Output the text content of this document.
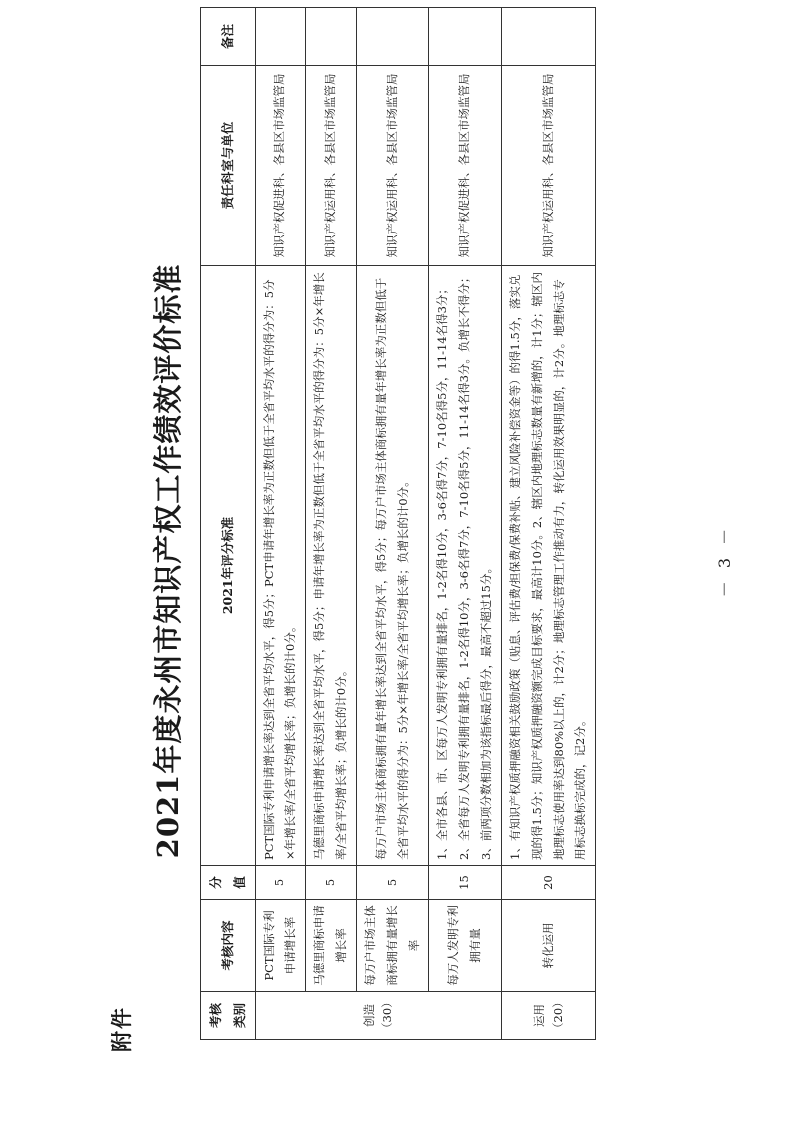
附件
2021年度永州市知识产权工作绩效评价标准
考核类别	考核内容	分值	2021年评分标准	责任科室与单位	备注

创造（30）	PCT国际专利申请增长率	5	PCT国际专利申请增长率达到全省平均水平，得5分；PCT申请年增长率为正数但低于全省平均水平的得分为：5分×年增长率/全省平均增长率；负增长的计0分。	知识产权促进科、各县区市场监管局	
	马德里商标申请增长率	5	马德里商标申请增长率达到全省平均水平，得5分；申请年增长率为正数但低于全省平均水平的得分为：5分×年增长率/全省平均增长率；负增长的计0分。	知识产权运用科、各县区市场监管局	
	每万户市场主体商标拥有量增长率	5	每万户市场主体商标拥有量年增长率达到全省平均水平，得5分；每万户市场主体商标拥有量年增长率为正数但低于全省平均水平的得分为：5分×年增长率/全省平均增长率；负增长的计0分。	知识产权运用科、各县区市场监管局	
	每万人发明专利拥有量	15	1、全市各县、市、区每万人发明专利拥有量排名，1-2名得10分，3-6名得7分，7-10名得5分，11-14名得3分；2、全省每万人发明专利拥有量排名，1-2名得10分，3-6名得7分，7-10名得5分，11-14名得3分。负增长不得分；3、前两项分数相加为该指标最后得分，最高不超过15分。	知识产权促进科、各县区市场监管局	

运用（20）	转化运用	20	1、有知识产权质押融资相关鼓励政策（贴息、评估费/担保费/保费补贴、建立风险补偿资金等）的得1.5分，落实兑现的得1.5分；知识产权质押融资额完成目标要求，最高计10分。2、辖区内地理标志数量有新增的，计1分；辖区内地理标志使用率达到80%以上的，计2分；地理标志管理工作推动有力，转化运用效果明显的，计2分。地理标志专用标志换标完成的，记2分。	知识产权运用科、各县区市场监管局	
－ 3 －
